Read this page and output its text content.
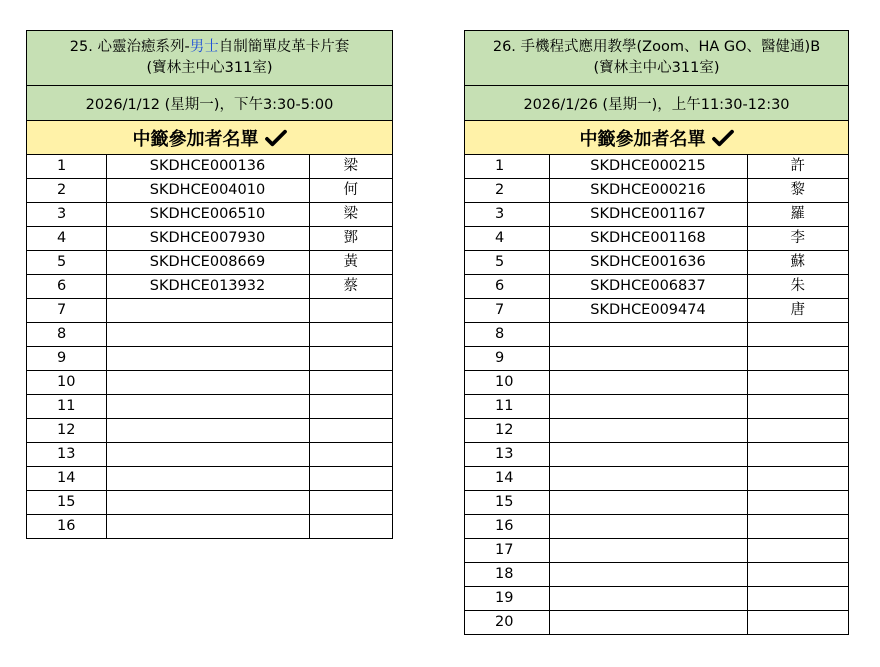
25. 心靈治癒系列-男士自制簡單皮革卡片套
(寶林主中心311室)
2026/1/12 (星期一)，下午3:30-5:00
中籤參加者名單
1	SKDHCE000136	梁
2	SKDHCE004010	何
3	SKDHCE006510	梁
4	SKDHCE007930	鄧
5	SKDHCE008669	黃
6	SKDHCE013932	蔡
7		
8		
9		
10		
11		
12		
13		
14		
15		
16		
26. 手機程式應用教學(Zoom、HA GO、醫健通)B
(寶林主中心311室)
2026/1/26 (星期一)，上午11:30-12:30
中籤參加者名單
1	SKDHCE000215	許
2	SKDHCE000216	黎
3	SKDHCE001167	羅
4	SKDHCE001168	李
5	SKDHCE001636	蘇
6	SKDHCE006837	朱
7	SKDHCE009474	唐
8		
9		
10		
11		
12		
13		
14		
15		
16		
17		
18		
19		
20		
